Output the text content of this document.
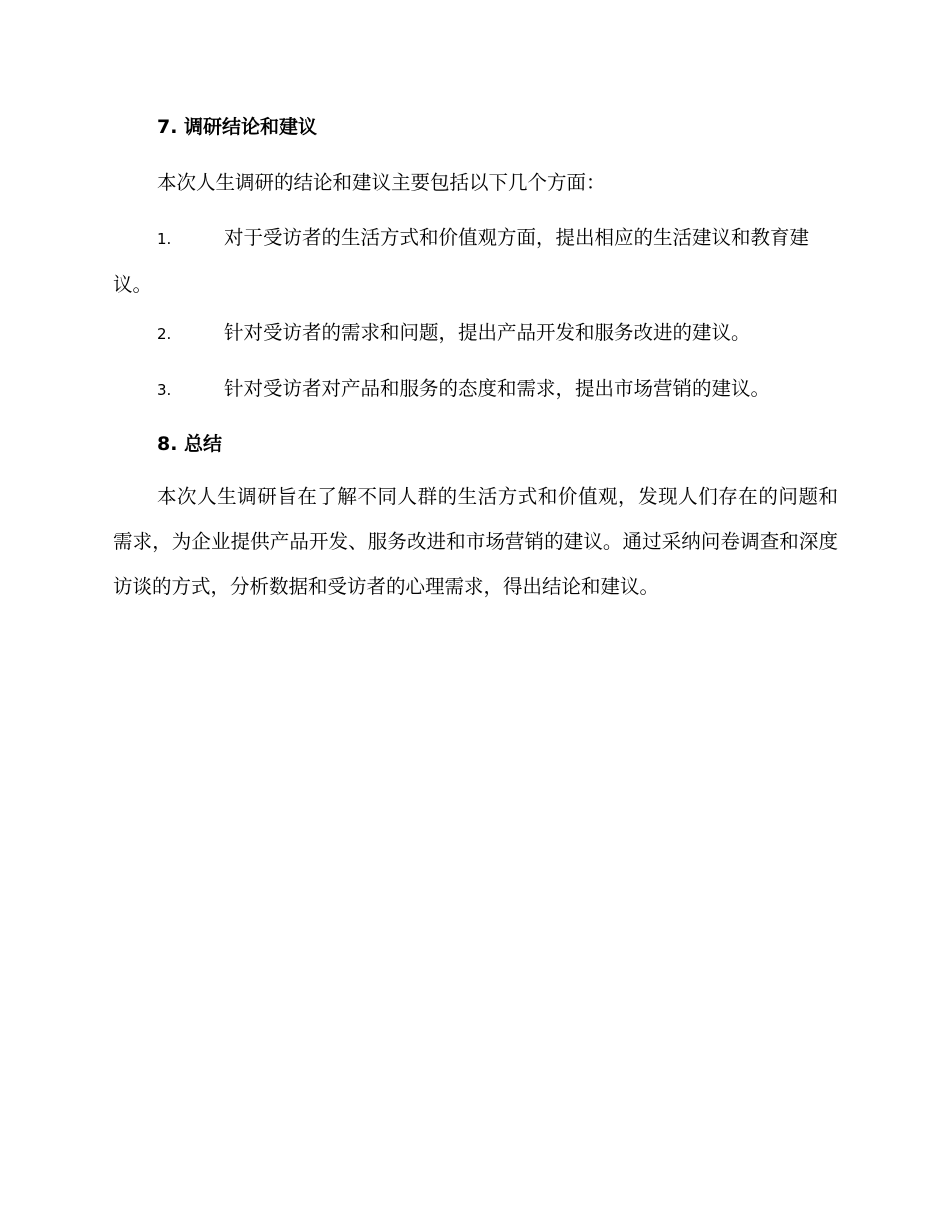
7. 调研结论和建议
本次人生调研的结论和建议主要包括以下几个方面：
1.	对于受访者的生活方式和价值观方面，提出相应的生活建议和教育建议。
2.	针对受访者的需求和问题，提出产品开发和服务改进的建议。
3.	针对受访者对产品和服务的态度和需求，提出市场营销的建议。
8. 总结
本次人生调研旨在了解不同人群的生活方式和价值观，发现人们存在的问题和需求，为企业提供产品开发、服务改进和市场营销的建议。通过采纳问卷调查和深度访谈的方式，分析数据和受访者的心理需求，得出结论和建议。
